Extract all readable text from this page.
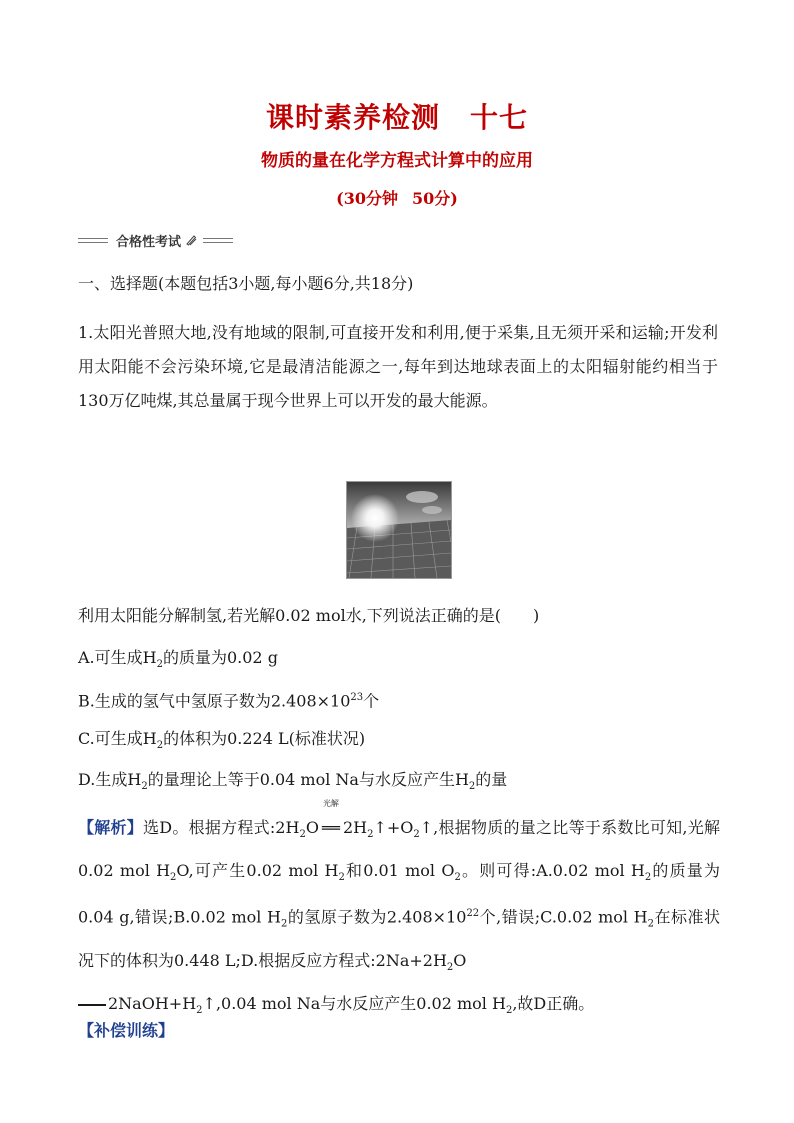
课时素养检测 十七
物质的量在化学方程式计算中的应用
(30分钟 50分)
合格性考试
一、选择题(本题包括3小题,每小题6分,共18分)
1.太阳光普照大地,没有地域的限制,可直接开发和利用,便于采集,且无须开采和运输;开发利用太阳能不会污染环境,它是最清洁能源之一,每年到达地球表面上的太阳辐射能约相当于130万亿吨煤,其总量属于现今世界上可以开发的最大能源。
利用太阳能分解制氢,若光解0.02 mol水,下列说法正确的是(　　)
A.可生成$H_2$的质量为0.02 g
B.生成的氢气中氢原子数为$2.408\times 10^{23}$个
C.可生成$H_2$的体积为0.224 L(标准状况)
D.生成$H_2$的量理论上等于0.04 mol Na与水反应产生$H_2$的量
【解析】选D。根据方程式$:2H_2O$
光解
══ $2H_2↑+O_2↑$,根据物质的量之比等于系数比可知,光解0.02 mol $H_2O$,可产生0.02 mol $H_2$和0.01 mol $O_2$。则可得:A.0.02 mol $H_2$的质量为0.04 g,错误;B.0.02 mol $H_2$的氢原子数为$2.408\times 10^{22}$个,错误;C.0.02 mol $H_2$在标准状况下的体积为0.448 L;D.根据反应方程式$:2Na+2H_2O$
$2NaOH+H_2↑,0.04$ mol Na与水反应产生0.02 mol $H_2$,故D正确。
【补偿训练】
